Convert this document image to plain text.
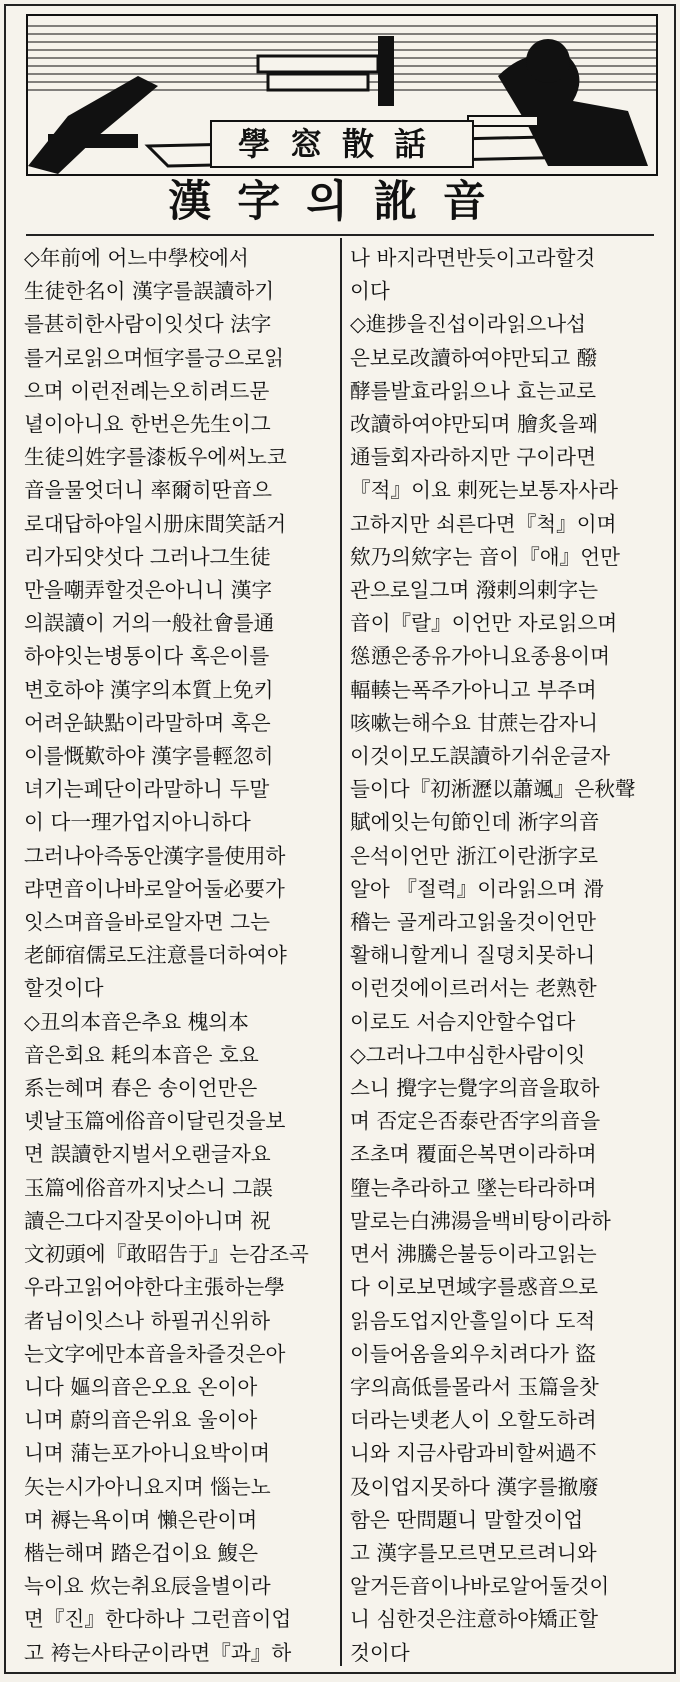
學窓散話
漢字의訛音
◇年前에 어느中學校에서
生徒한名이 漢字를誤讀하기
를甚히한사람이잇섯다 法字
를거로읽으며恒字를긍으로읽
으며 이런전례는오히려드문
녈이아니요 한번은先生이그
生徒의姓字를漆板우에써노코
音을물엇더니 率爾히딴音으
로대답하야일시册床間笑話거
리가되얏섯다 그러나그生徒
만을嘲弄할것은아니니 漢字
의誤讀이 거의一般社會를通
하야잇는병통이다 혹은이를
변호하야 漢字의本質上免키
어려운缺點이라말하며 혹은
이를慨歎하야 漢字를輕忽히
녀기는폐단이라말하니 두말
이 다一理가업지아니하다
그러나아즉동안漢字를使用하
랴면音이나바로알어둘必要가
잇스며音을바로알자면 그는
老師宿儒로도注意를더하여야
할것이다
◇丑의本音은추요 槐의本
音은회요 耗의本音은 호요
系는혜며 春은 송이언만은
녯날玉篇에俗音이달린것을보
면 誤讀한지벌서오랜글자요
玉篇에俗音까지낫스니 그誤
讀은그다지잘못이아니며 祝
文初頭에『敢昭告于』는감조곡
우라고읽어야한다主張하는學
者님이잇스나 하필귀신위하
는文字에만本音을차즐것은아
니다 嫗의音은오요 온이아
니며 蔚의音은위요 울이아
니며 蒲는포가아니요박이며
矢는시가아니요지며 惱는노
며 褥는욕이며 懶은란이며
楷는해며 踏은겁이요 鰒은
늑이요 炊는취요辰을별이라
면『진』한다하나 그런音이업
고 袴는사타군이라면『과』하
나 바지라면반듯이고라할것
이다
◇進捗을진섭이라읽으나섭
은보로改讀하여야만되고 醱
酵를발효라읽으나 효는교로
改讀하여야만되며 膾炙을꽤
通들회자라하지만 구이라면
『적』이요 剌死는보통자사라
고하지만 쇠른다면『척』이며
欸乃의欸字는 音이『애』언만
관으로일그며 潑剌의剌字는
音이『랄』이언만 자로읽으며
慫慂은종유가아니요종용이며
輻輳는폭주가아니고 부주며
咳嗽는해수요 甘蔗는감자니
이것이모도誤讀하기쉬운글자
들이다『初淅瀝以蕭颯』은秋聲
賦에잇는句節인데 淅字의音
은석이언만 浙江이란浙字로
알아 『절력』이라읽으며 滑
稽는 골게라고읽울것이언만
활해니할게니 질뎡치못하니
이런것에이르러서는 老熟한
이로도 서슴지안할수업다
◇그러나그中심한사람이잇
스니 攪字는覺字의音을取하
며 否定은否泰란否字의音을
조초며 覆面은복면이라하며
墮는추라하고 墜는타라하며
말로는白沸湯을백비탕이라하
면서 沸騰은불등이라고읽는
다 이로보면域字를惑音으로
읽음도업지안흘일이다 도적
이들어옴을외우치려다가 盜
字의高低를몰라서 玉篇을찻
더라는녯老人이 오할도하려
니와 지금사람과비할써過不
及이업지못하다 漢字를撤廢
함은 딴問題니 말할것이업
고 漢字를모르면모르려니와
알거든音이나바로알어둘것이
니 심한것은注意하야矯正할
것이다
